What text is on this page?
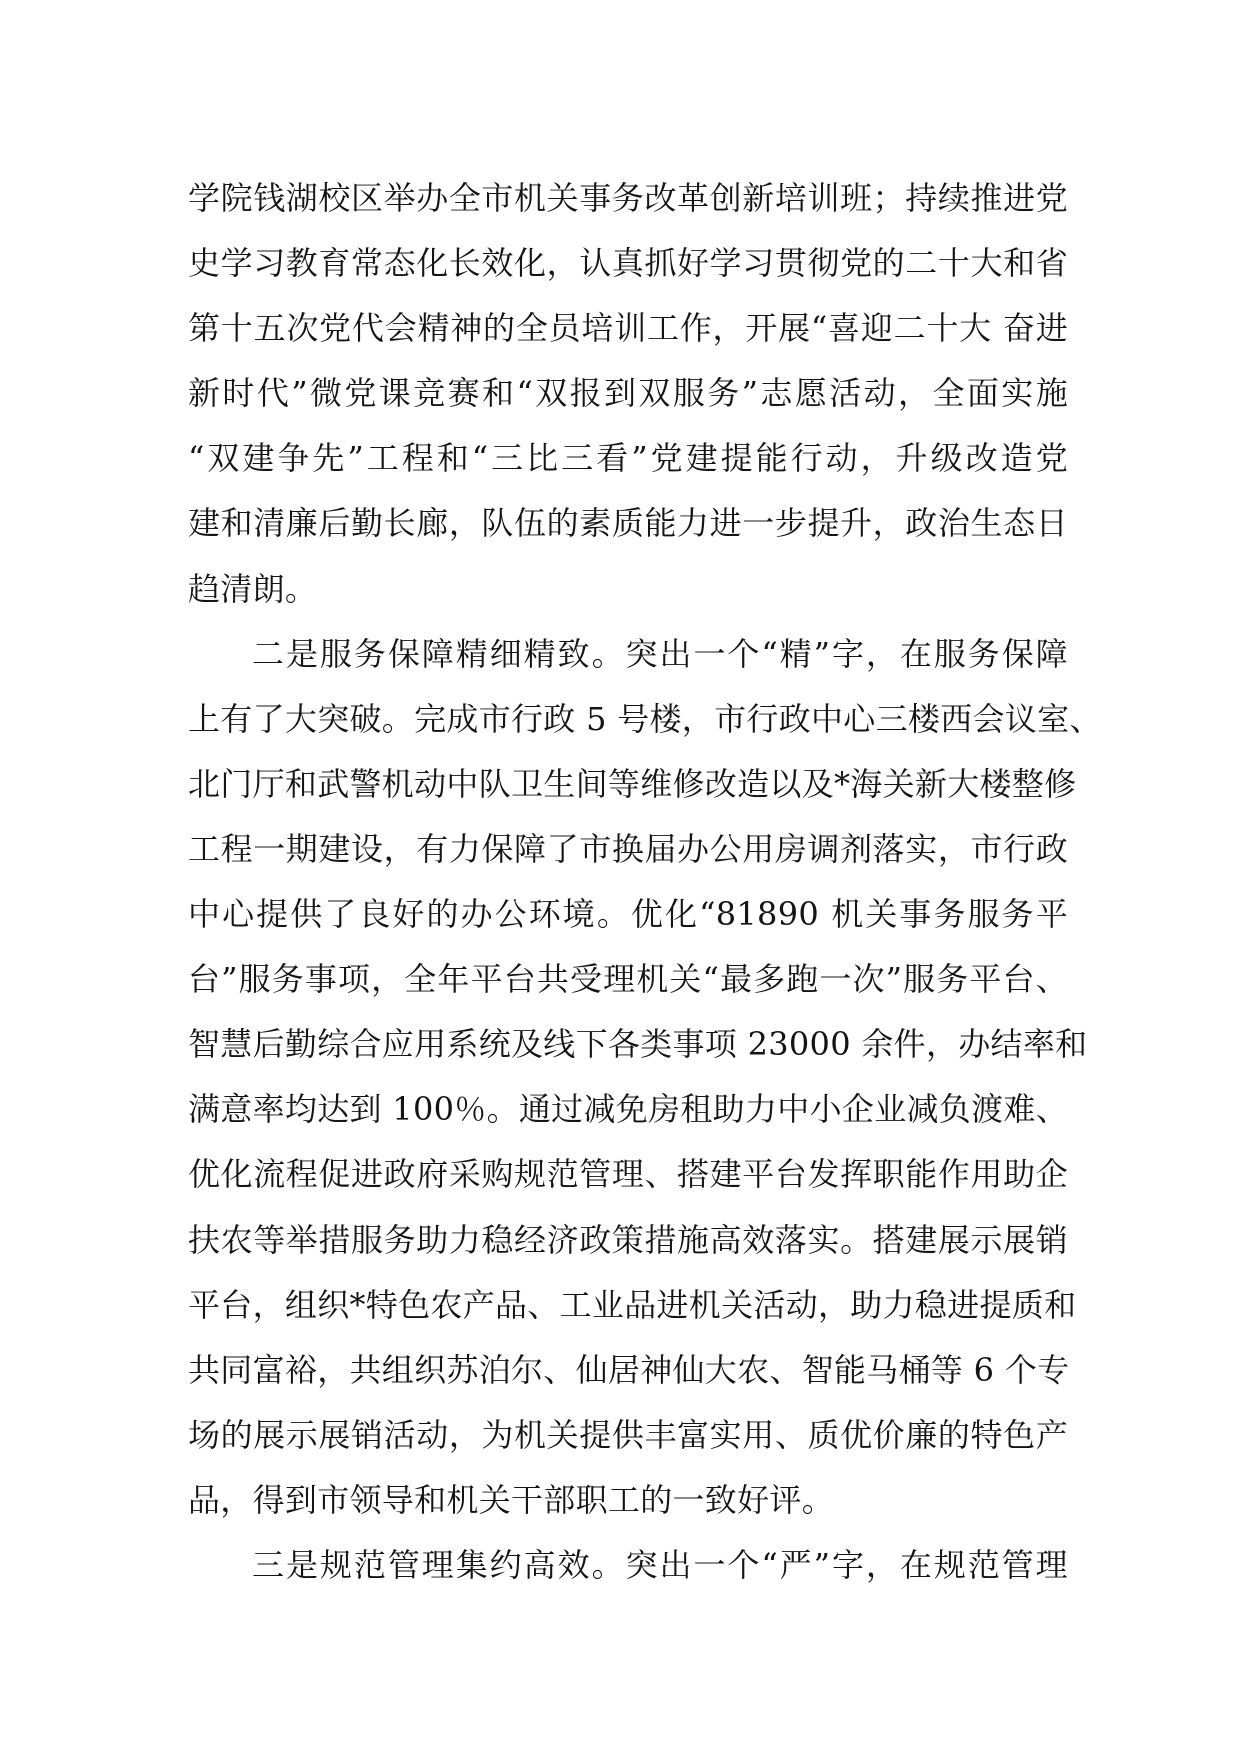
学院钱湖校区举办全市机关事务改革创新培训班；持续推进党
史学习教育常态化长效化，认真抓好学习贯彻党的二十大和省
第十五次党代会精神的全员培训工作，开展“喜迎二十大 奋进
新时代”微党课竞赛和“双报到双服务”志愿活动，全面实施
“双建争先”工程和“三比三看”党建提能行动，升级改造党
建和清廉后勤长廊，队伍的素质能力进一步提升，政治生态日
趋清朗。
二是服务保障精细精致。突出一个“精”字，在服务保障
上有了大突破。完成市行政 5 号楼，市行政中心三楼西会议室、
北门厅和武警机动中队卫生间等维修改造以及*海关新大楼整修
工程一期建设，有力保障了市换届办公用房调剂落实，市行政
中心提供了良好的办公环境。优化“81890 机关事务服务平
台”服务事项，全年平台共受理机关“最多跑一次”服务平台、
智慧后勤综合应用系统及线下各类事项 23000 余件，办结率和
满意率均达到 100％。通过减免房租助力中小企业减负渡难、
优化流程促进政府采购规范管理、搭建平台发挥职能作用助企
扶农等举措服务助力稳经济政策措施高效落实。搭建展示展销
平台，组织*特色农产品、工业品进机关活动，助力稳进提质和
共同富裕，共组织苏泊尔、仙居神仙大农、智能马桶等 6 个专
场的展示展销活动，为机关提供丰富实用、质优价廉的特色产
品，得到市领导和机关干部职工的一致好评。
三是规范管理集约高效。突出一个“严”字，在规范管理
